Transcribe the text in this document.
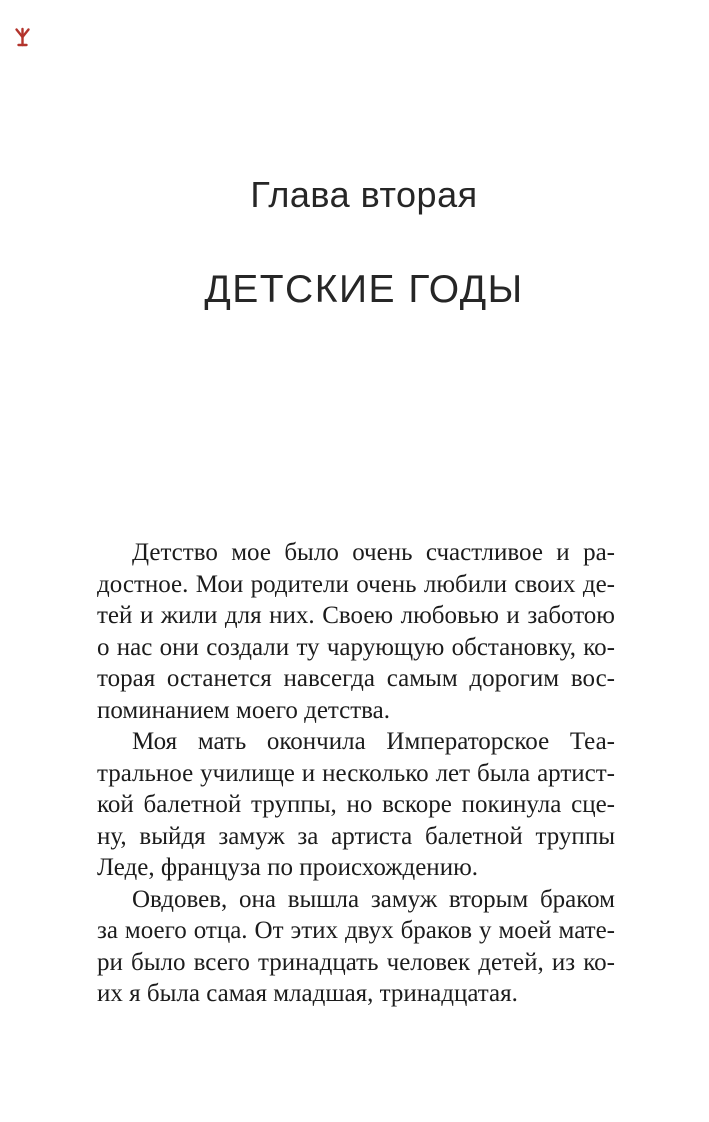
Глава вторая
ДЕТСКИЕ ГОДЫ
Детство мое было очень счастливое и ра-
достное. Мои родители очень любили своих де-
тей и жили для них. Своею любовью и заботою
о нас они создали ту чарующую обстановку, ко-
торая останется навсегда самым дорогим вос-
поминанием моего детства.
Моя мать окончила Императорское Теа-
тральное училище и несколько лет была артист-
кой балетной труппы, но вскоре покинула сце-
ну, выйдя замуж за артиста балетной труппы
Леде, француза по происхождению.
Овдовев, она вышла замуж вторым браком
за моего отца. От этих двух браков у моей мате-
ри было всего тринадцать человек детей, из ко-
их я была самая младшая, тринадцатая.
